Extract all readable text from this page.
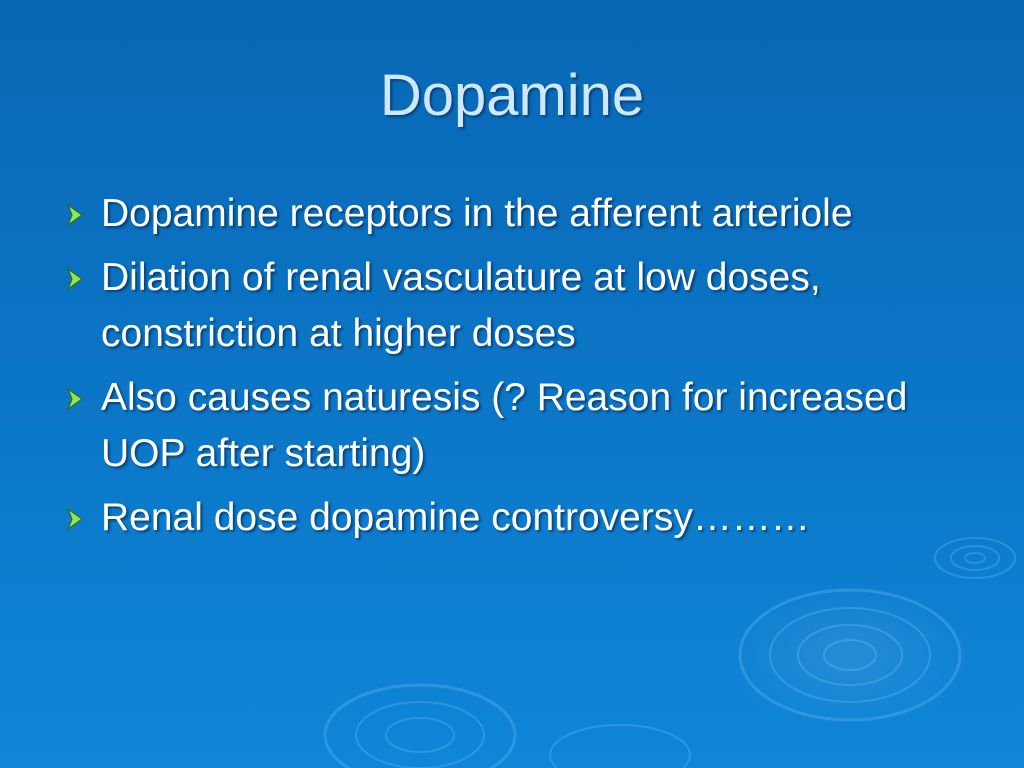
Dopamine
Dopamine receptors in the afferent arteriole
Dilation of renal vasculature at low doses, constriction at higher doses
Also causes naturesis (? Reason for increased UOP after starting)
Renal dose dopamine controversy………
